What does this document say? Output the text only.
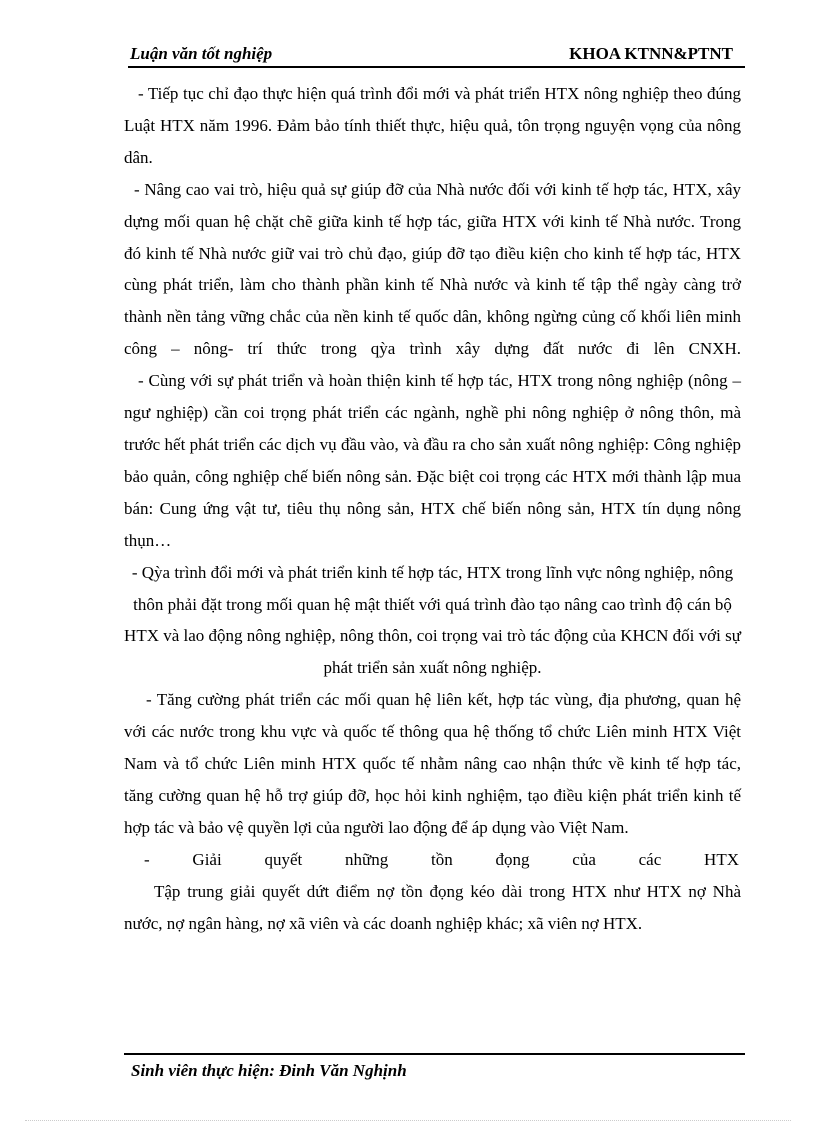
Luận văn tốt nghiệp	KHOA KTNN&PTNT

- Tiếp tục chỉ đạo thực hiện quá trình đổi mới và phát triển HTX nông nghiệp theo đúng Luật HTX năm 1996. Đảm bảo tính thiết thực, hiệu quả, tôn trọng nguyện vọng của nông dân.

- Nâng cao vai trò, hiệu quả sự giúp đỡ của Nhà nước đối với kinh tế hợp tác, HTX, xây dựng mối quan hệ chặt chẽ giữa kinh tế hợp tác, giữa HTX với kinh tế Nhà nước. Trong đó kinh tế Nhà nước giữ vai trò chủ đạo, giúp đỡ tạo điều kiện cho kinh tế hợp tác, HTX cùng phát triển, làm cho thành phần kinh tế Nhà nước và kinh tế tập thể ngày càng trở thành nền tảng vững chắc của nền kinh tế quốc dân, không ngừng củng cố khối liên minh công – nông- trí thức trong qỳa trình xây dựng đất nước đi lên CNXH.

- Cùng với sự phát triển và hoàn thiện kinh tế hợp tác, HTX trong nông nghiệp (nông – ngư nghiệp) cần coi trọng phát triển các ngành, nghề phi nông nghiệp ở nông thôn, mà trước hết phát triển các dịch vụ đầu vào, và đầu ra cho sản xuất nông nghiệp: Công nghiệp bảo quản, công nghiệp chế biến nông sản. Đặc biệt coi trọng các HTX mới thành lập mua bán: Cung ứng vật tư, tiêu thụ nông sản, HTX chế biến nông sản, HTX tín dụng nông thụn…

- Qỳa trình đổi mới và phát triển kinh tế hợp tác, HTX trong lĩnh vực nông nghiệp, nông thôn phải đặt trong mối quan hệ mật thiết với quá trình đào tạo nâng cao trình độ cán bộ HTX và lao động nông nghiệp, nông thôn, coi trọng vai trò tác động của KHCN đối với sự phát triển sản xuất nông nghiệp.

- Tăng cường phát triển các mối quan hệ liên kết, hợp tác vùng, địa phương, quan hệ với các nước trong khu vực và quốc tế thông qua hệ thống tổ chức Liên minh HTX Việt Nam và tổ chức Liên minh HTX quốc tế nhằm nâng cao nhận thức về kinh tế hợp tác, tăng cường quan hệ hỗ trợ giúp đỡ, học hỏi kinh nghiệm, tạo điều kiện phát triển kinh tế hợp tác và bảo vệ quyền lợi của người lao động để áp dụng vào Việt Nam.

- Giải quyết những tồn đọng của các HTX

Tập trung giải quyết dứt điểm nợ tồn đọng kéo dài trong HTX như HTX nợ Nhà nước, nợ ngân hàng, nợ xã viên và các doanh nghiệp khác; xã viên nợ HTX.

Sinh viên thực hiện: Đinh Văn Nghịnh
